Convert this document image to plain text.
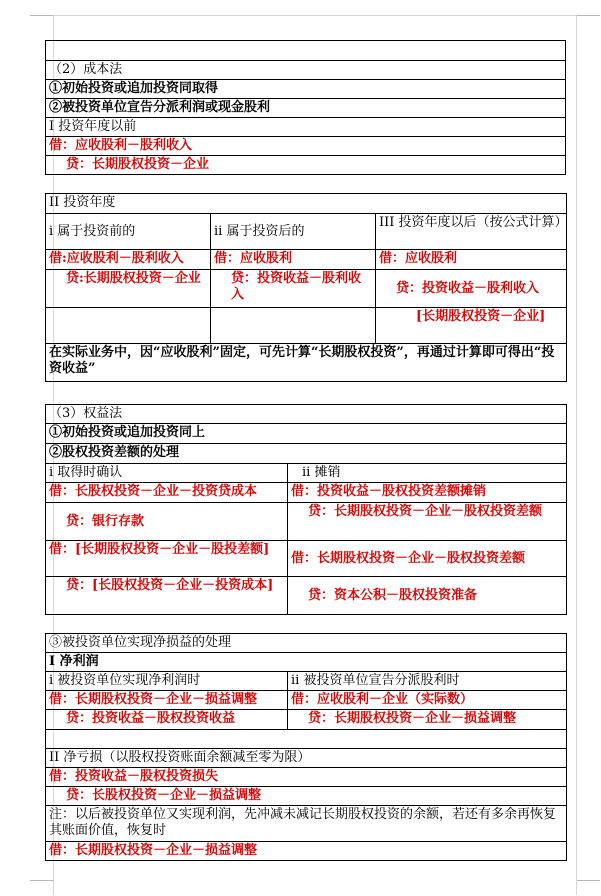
（2）成本法
①初始投资或追加投资同取得
②被投资单位宣告分派利润或现金股利
I 投资年度以前
借：应收股利－股利收入
贷：长期股权投资－企业
II 投资年度		
i 属于投资前的	ii 属于投资后的	III 投资年度以后（按公式计算）
借:应收股利－股利收入	借：应收股利	借：应收股利
贷:长期股权投资－企业	贷：投资收益－股利收入	贷：投资收益－股利收入
		[长期股权投资－企业]
在实际业务中，因“应收股利”固定，可先计算“长期股权投资”，再通过计算即可得出“投资收益”		
（3）权益法	
①初始投资或追加投资同上	
②股权投资差额的处理	
i 取得时确认	ii 摊销
借：长股权投资－企业－投资贷成本	借：投资收益－股权投资差额摊销
贷：银行存款	贷：长期股权投资－企业－股权投资差额
借：[长期股权投资－企业－股投差额]	借：长期股权投资－企业－股权投资差额
贷：[长股权投资－企业－投资成本]	贷：资本公积－股权投资准备
③被投资单位实现净损益的处理	
I 净利润	
i 被投资单位实现净利润时	ii 被投资单位宣告分派股利时
借：长期股权投资－企业－损益调整	借：应收股利－企业（实际数）
贷：投资收益－股权投资收益	贷：长期股权投资－企业－损益调整

II 净亏损（以股权投资账面余额减至零为限）	
借：投资收益－股权投资损失	
贷：长股权投资－企业－损益调整	
注：以后被投资单位又实现利润，先冲减未减记长期股权投资的余额，若还有多余再恢复其账面价值，恢复时	
借：长期股权投资－企业－损益调整	
